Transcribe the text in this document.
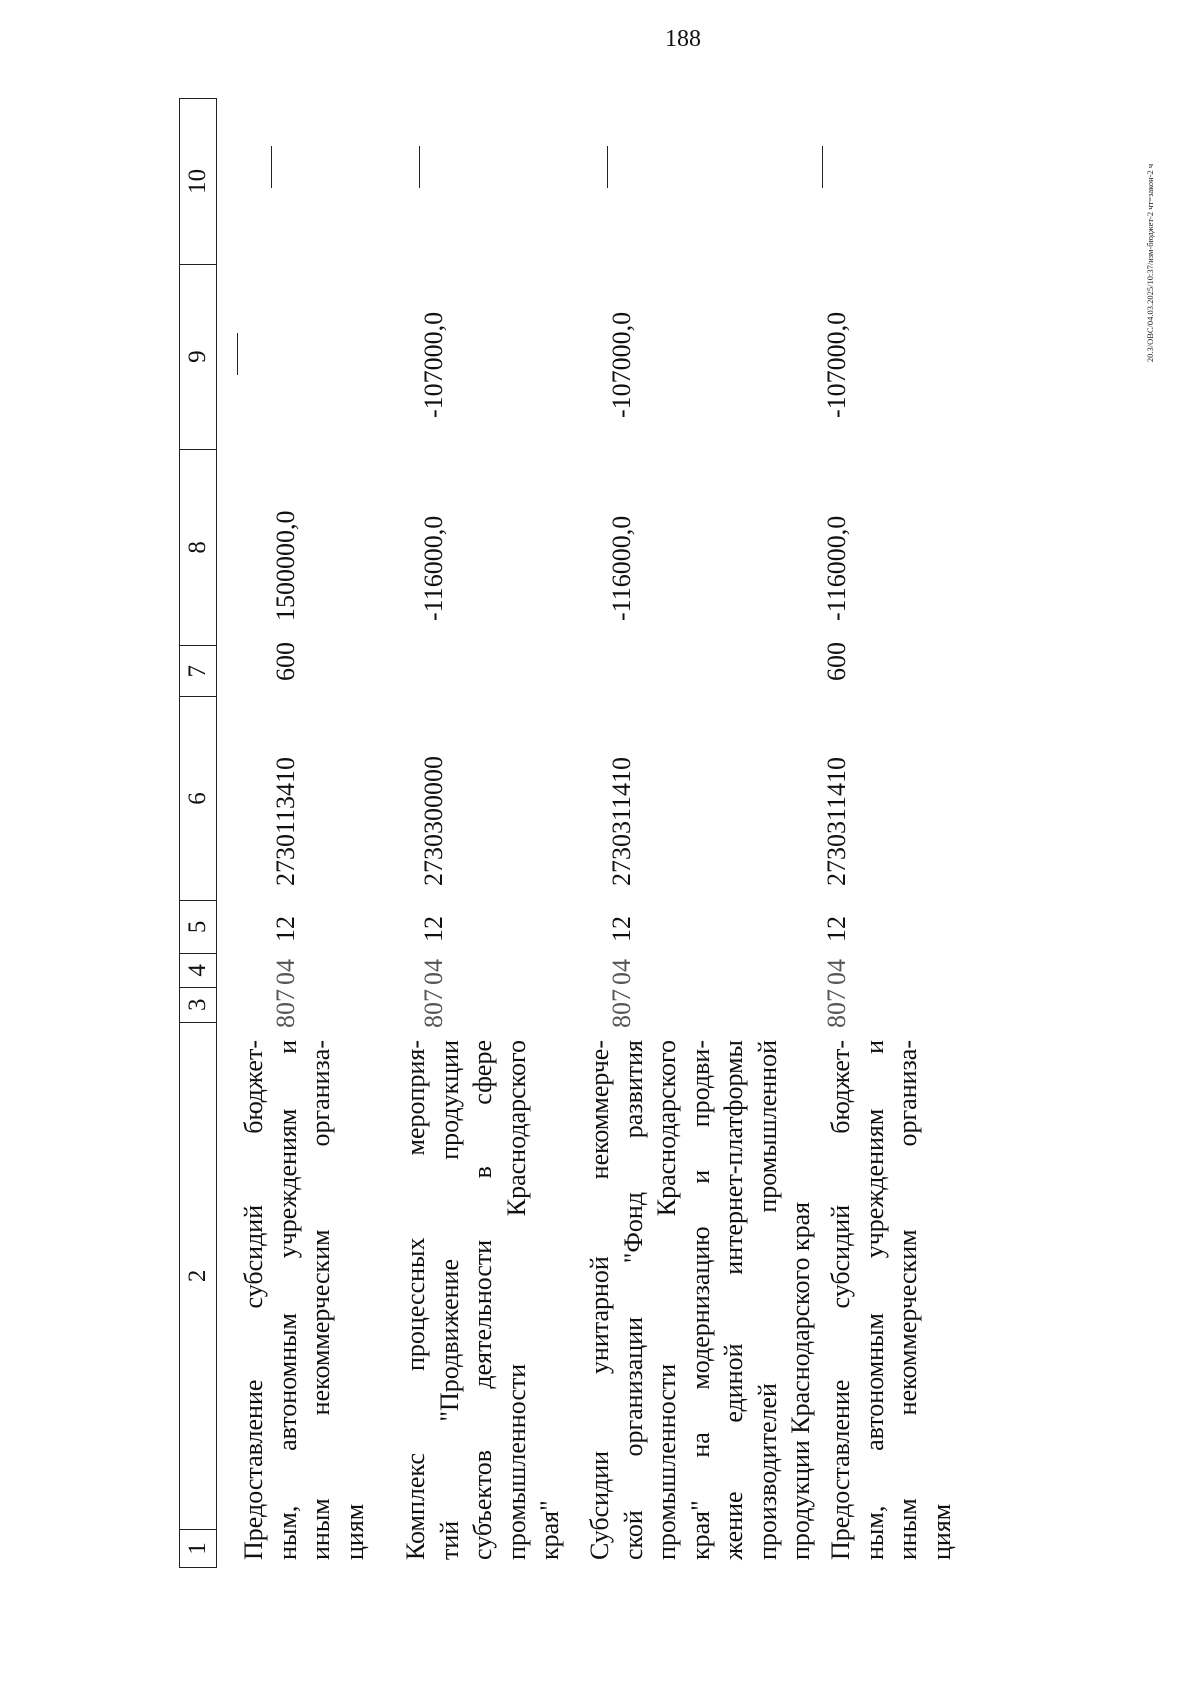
188
20.3/OBC/04.03.2025/10:37/изм-бюджет-2 чт=закон-2 ч
1
2
3
4
5
6
7
8
9
10
Предоставление субсидий бюджет- ным, автономным учреждениям и иным некоммерческим организа- циям
807
04
12
2730113410
600
1500000,0
Комплекс процессных мероприя- тий "Продвижение продукции субъектов деятельности в сфере промышленности Краснодарского края"
807
04
12
2730300000
-116000,0
-107000,0
Субсидии унитарной некоммерче- ской организации "Фонд развития промышленности Краснодарского края" на модернизацию и продви- жение единой интернет-платформы производителей промышленной продукции Краснодарского края
807
04
12
2730311410
-116000,0
-107000,0
Предоставление субсидий бюджет- ным, автономным учреждениям и иным некоммерческим организа- циям
807
04
12
2730311410
600
-116000,0
-107000,0
